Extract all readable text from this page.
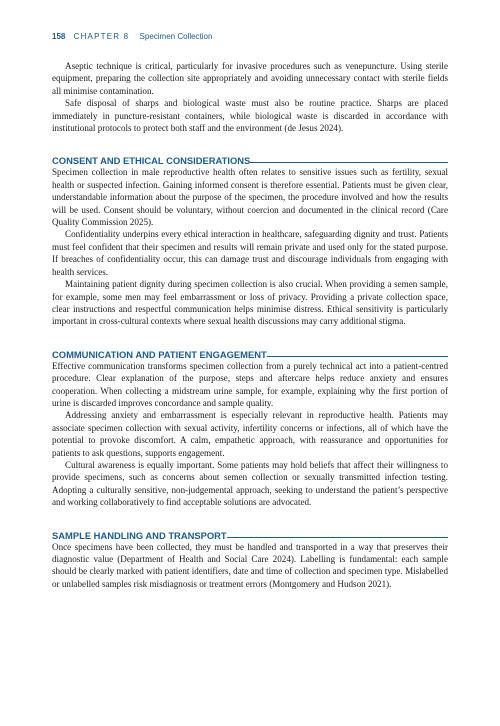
158 CHAPTER 8 Specimen Collection

Aseptic technique is critical, particularly for invasive procedures such as venepuncture. Using sterile equipment, preparing the collection site appropriately and avoiding unnecessary contact with sterile fields all minimise contamination.

Safe disposal of sharps and biological waste must also be routine practice. Sharps are placed immediately in puncture-resistant containers, while biological waste is discarded in accordance with institutional protocols to protect both staff and the environment (de Jesus 2024).

CONSENT AND ETHICAL CONSIDERATIONS

Specimen collection in male reproductive health often relates to sensitive issues such as fertility, sexual health or suspected infection. Gaining informed consent is therefore essential. Patients must be given clear, understandable information about the purpose of the specimen, the procedure involved and how the results will be used. Consent should be voluntary, without coercion and documented in the clinical record (Care Quality Commission 2025).

Confidentiality underpins every ethical interaction in healthcare, safeguarding dignity and trust. Patients must feel confident that their specimen and results will remain private and used only for the stated purpose. If breaches of confidentiality occur, this can damage trust and discourage individuals from engaging with health services.

Maintaining patient dignity during specimen collection is also crucial. When providing a semen sample, for example, some men may feel embarrassment or loss of privacy. Providing a private collection space, clear instructions and respectful communication helps minimise distress. Ethical sensitivity is particularly important in cross-cultural contexts where sexual health discussions may carry additional stigma.

COMMUNICATION AND PATIENT ENGAGEMENT

Effective communication transforms specimen collection from a purely technical act into a patient-centred procedure. Clear explanation of the purpose, steps and aftercare helps reduce anxiety and ensures cooperation. When collecting a midstream urine sample, for example, explaining why the first portion of urine is discarded improves concordance and sample quality.

Addressing anxiety and embarrassment is especially relevant in reproductive health. Patients may associate specimen collection with sexual activity, infertility concerns or infections, all of which have the potential to provoke discomfort. A calm, empathetic approach, with reassurance and opportunities for patients to ask questions, supports engagement.

Cultural awareness is equally important. Some patients may hold beliefs that affect their willingness to provide specimens, such as concerns about semen collection or sexually transmitted infection testing. Adopting a culturally sensitive, non-judgemental approach, seeking to understand the patient’s perspective and working collaboratively to find acceptable solutions are advocated.

SAMPLE HANDLING AND TRANSPORT

Once specimens have been collected, they must be handled and transported in a way that preserves their diagnostic value (Department of Health and Social Care 2024). Labelling is fundamental: each sample should be clearly marked with patient identifiers, date and time of collection and specimen type. Mislabelled or unlabelled samples risk misdiagnosis or treatment errors (Montgomery and Hudson 2021).
